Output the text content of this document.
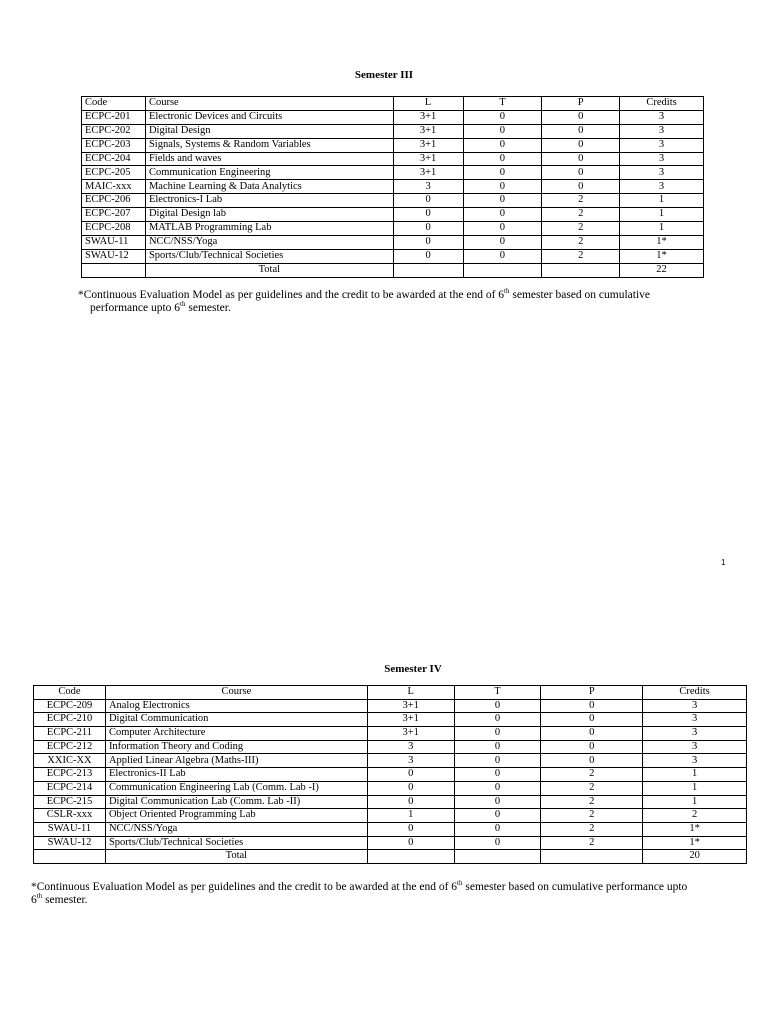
Semester III
Code	Course	L	T	P	Credits
ECPC-201	Electronic Devices and Circuits	3+1	0	0	3
ECPC-202	Digital Design	3+1	0	0	3
ECPC-203	Signals, Systems & Random Variables	3+1	0	0	3
ECPC-204	Fields and waves	3+1	0	0	3
ECPC-205	Communication Engineering	3+1	0	0	3
MAIC-xxx	Machine Learning & Data Analytics	3	0	0	3
ECPC-206	Electronics-I Lab	0	0	2	1
ECPC-207	Digital Design lab	0	0	2	1
ECPC-208	MATLAB Programming Lab	0	0	2	1
SWAU-11	NCC/NSS/Yoga	0	0	2	1*
SWAU-12	Sports/Club/Technical Societies	0	0	2	1*
	Total				22
*Continuous Evaluation Model as per guidelines and the credit to be awarded at the end of 6th semester based on cumulative
performance upto 6th semester.
1
Semester IV
Code	Course	L	T	P	Credits
ECPC-209	Analog Electronics	3+1	0	0	3
ECPC-210	Digital Communication	3+1	0	0	3
ECPC-211	Computer Architecture	3+1	0	0	3
ECPC-212	Information Theory and Coding	3	0	0	3
XXIC-XX	Applied Linear Algebra (Maths-III)	3	0	0	3
ECPC-213	Electronics-II Lab	0	0	2	1
ECPC-214	Communication Engineering Lab (Comm. Lab -I)	0	0	2	1
ECPC-215	Digital Communication Lab (Comm. Lab -II)	0	0	2	1
CSLR-xxx	Object Oriented Programming Lab	1	0	2	2
SWAU-11	NCC/NSS/Yoga	0	0	2	1*
SWAU-12	Sports/Club/Technical Societies	0	0	2	1*
	Total				20
*Continuous Evaluation Model as per guidelines and the credit to be awarded at the end of 6th semester based on cumulative performance upto
6th semester.
